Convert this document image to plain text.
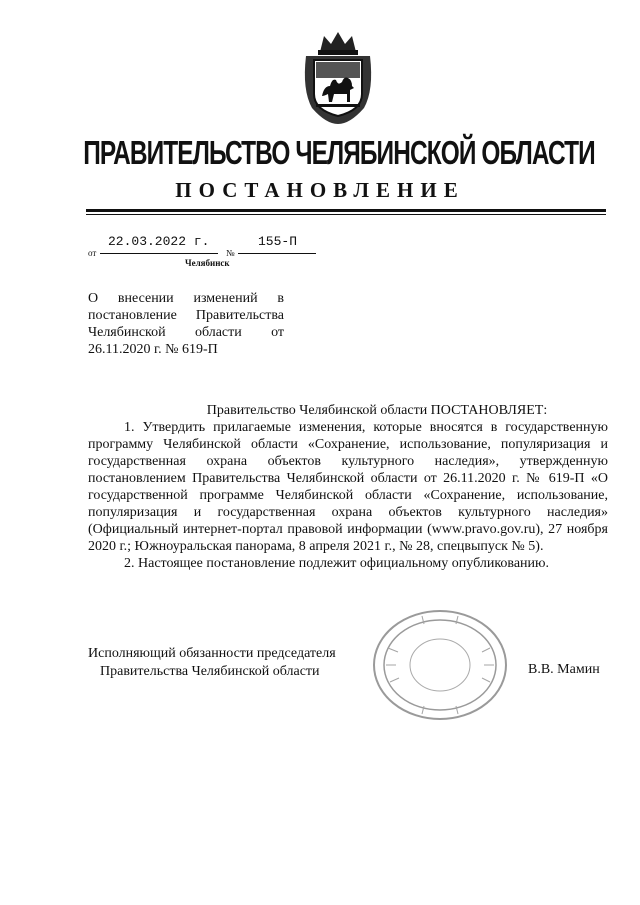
ПРАВИТЕЛЬСТВО ЧЕЛЯБИНСКОЙ ОБЛАСТИ
ПОСТАНОВЛЕНИЕ
от
22.03.2022 г.
№
155-П
Челябинск
О внесении изменений в постановление Правительства Челябинской области от 26.11.2020 г. № 619-П

Правительство Челябинской области ПОСТАНОВЛЯЕТ:

1. Утвердить прилагаемые изменения, которые вносятся в государственную программу Челябинской области «Сохранение, использование, популяризация и государственная охрана объектов культурного наследия», утвержденную постановлением Правительства Челябинской области от 26.11.2020 г. № 619-П «О государственной программе Челябинской области «Сохранение, использование, популяризация и государственная охрана объектов культурного наследия» (Официальный интернет-портал правовой информации (www.pravo.gov.ru), 27 ноября 2020 г.; Южноуральская панорама, 8 апреля 2021 г., № 28, спецвыпуск № 5).

2. Настоящее постановление подлежит официальному опубликованию.

Исполняющий обязанности председателя
Правительства Челябинской области	В.В. Мамин
